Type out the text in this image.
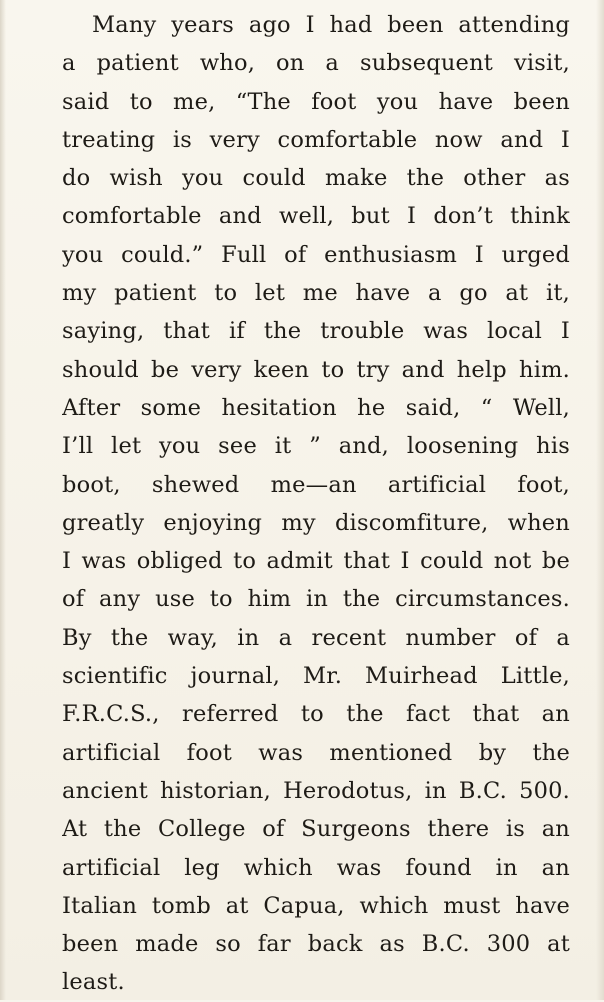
Many years ago I had been attending
a patient who, on a subsequent visit,
said to me, “The foot you have been
treating is very comfortable now and I
do wish you could make the other as
comfortable and well, but I don’t think
you could.” Full of enthusiasm I urged
my patient to let me have a go at it,
saying, that if the trouble was local I
should be very keen to try and help him.
After some hesitation he said, “ Well,
I’ll let you see it ” and, loosening his
boot, shewed me—an artificial foot,
greatly enjoying my discomfiture, when
I was obliged to admit that I could not be
of any use to him in the circumstances.
By the way, in a recent number of a
scientific journal, Mr. Muirhead Little,
F.R.C.S., referred to the fact that an
artificial foot was mentioned by the
ancient historian, Herodotus, in B.C. 500.
At the College of Surgeons there is an
artificial leg which was found in an
Italian tomb at Capua, which must have
been made so far back as B.C. 300 at
least.
